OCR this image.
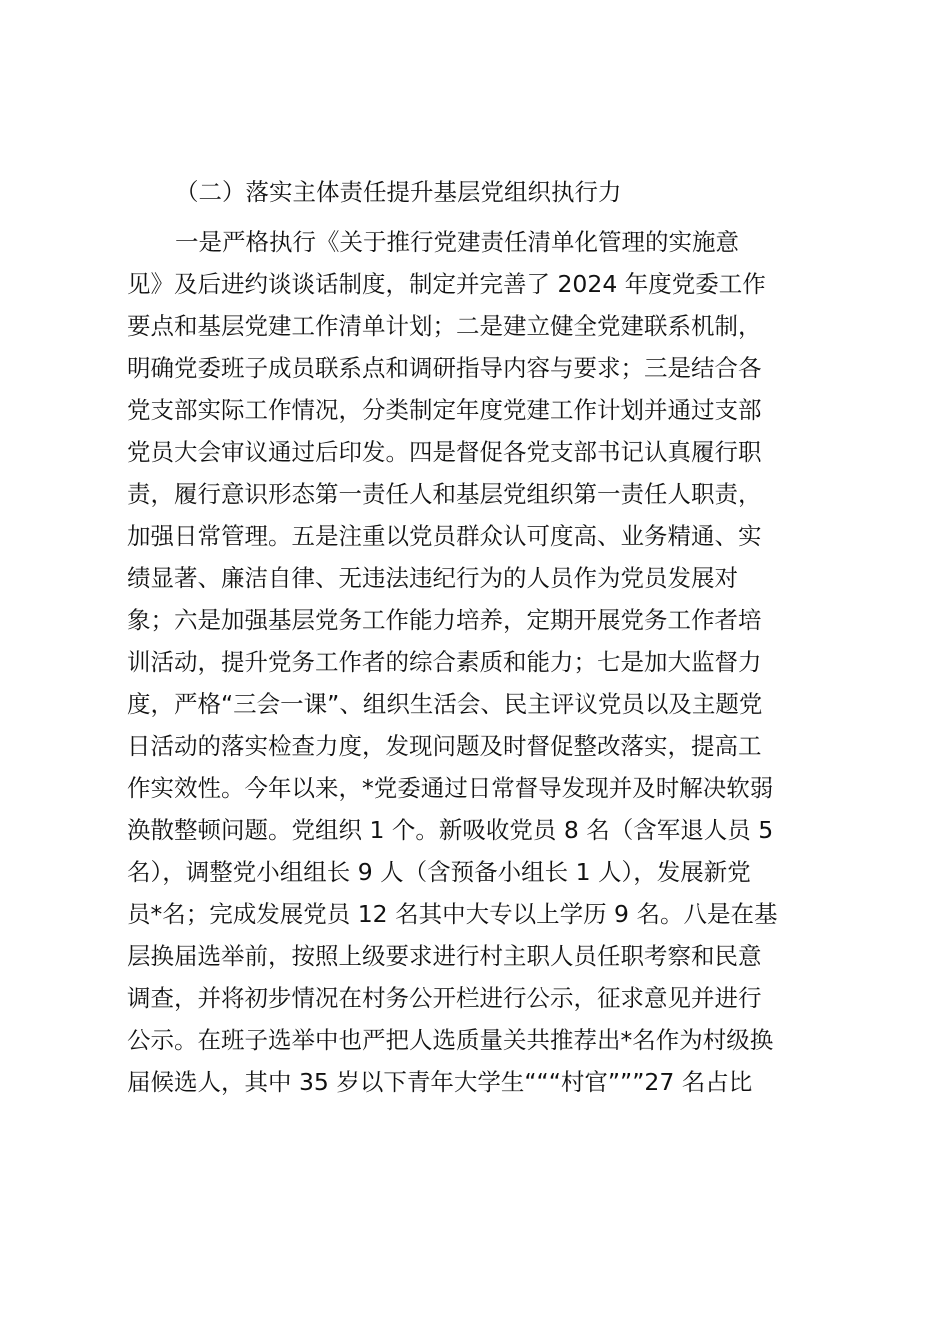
（二）落实主体责任提升基层党组织执行力
一是严格执行《关于推行党建责任清单化管理的实施意
见》及后进约谈谈话制度，制定并完善了 2024 年度党委工作
要点和基层党建工作清单计划；二是建立健全党建联系机制，
明确党委班子成员联系点和调研指导内容与要求；三是结合各
党支部实际工作情况，分类制定年度党建工作计划并通过支部
党员大会审议通过后印发。四是督促各党支部书记认真履行职
责，履行意识形态第一责任人和基层党组织第一责任人职责，
加强日常管理。五是注重以党员群众认可度高、业务精通、实
绩显著、廉洁自律、无违法违纪行为的人员作为党员发展对
象；六是加强基层党务工作能力培养，定期开展党务工作者培
训活动，提升党务工作者的综合素质和能力；七是加大监督力
度，严格“三会一课”、组织生活会、民主评议党员以及主题党
日活动的落实检查力度，发现问题及时督促整改落实，提高工
作实效性。今年以来，*党委通过日常督导发现并及时解决软弱
涣散整顿问题。党组织 1 个。新吸收党员 8 名（含军退人员 5
名），调整党小组组长 9 人（含预备小组长 1 人），发展新党
员*名；完成发展党员 12 名其中大专以上学历 9 名。八是在基
层换届选举前，按照上级要求进行村主职人员任职考察和民意
调查，并将初步情况在村务公开栏进行公示，征求意见并进行
公示。在班子选举中也严把人选质量关共推荐出*名作为村级换
届候选人，其中 35 岁以下青年大学生“““村官”””27 名占比
